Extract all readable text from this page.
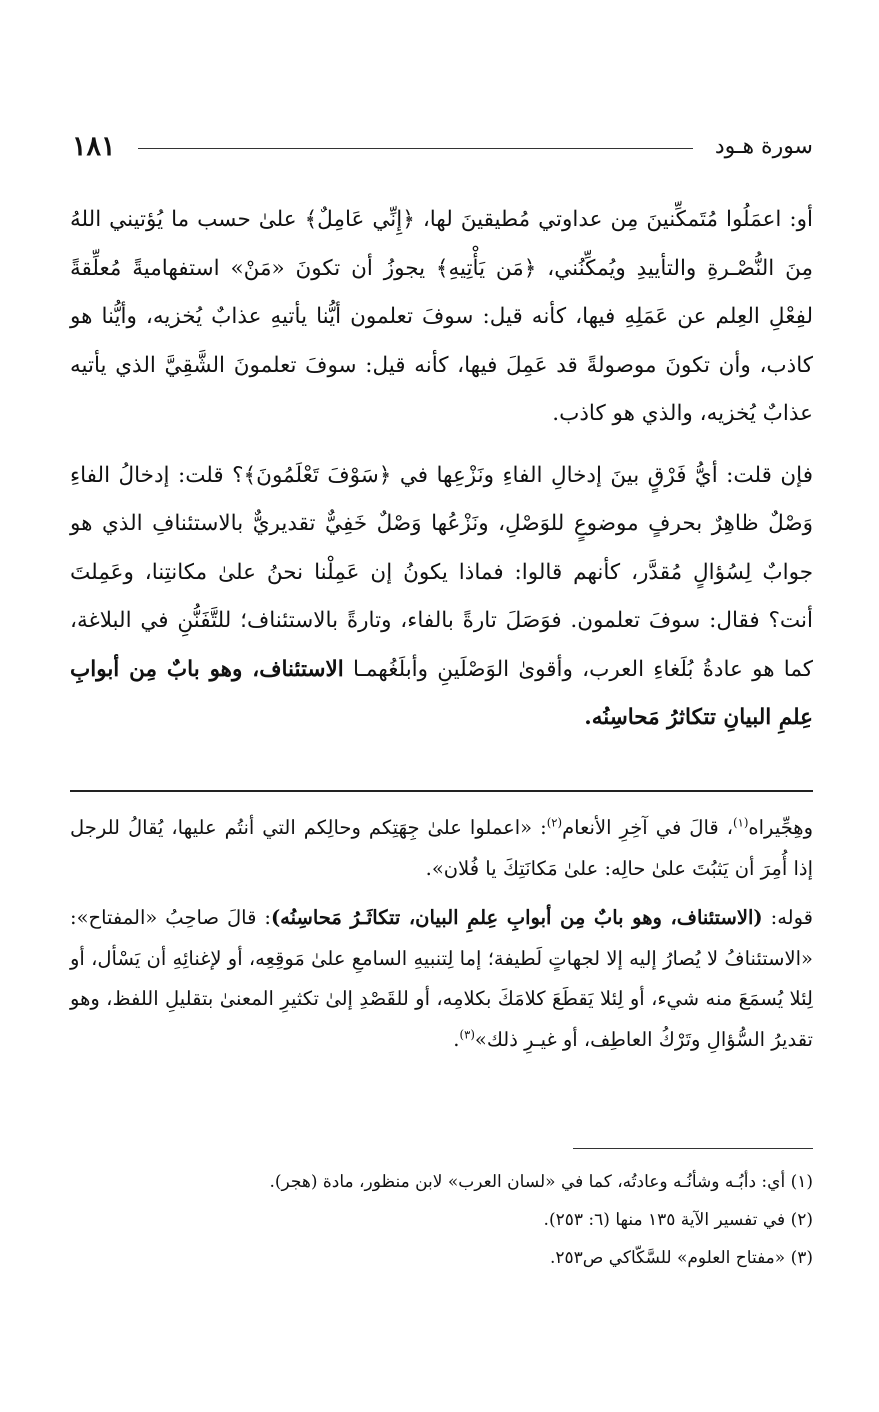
سورة هـود
١٨١

أو: اعمَلُوا مُتَمكِّنينَ مِن عداوتي مُطيقينَ لها، ﴿إِنِّي عَامِلٌ﴾ علىٰ حسب ما يُؤتيني اللهُ مِنَ النُّصْـرةِ والتأييدِ ويُمكِّنُني، ﴿مَن يَأْتِيهِ﴾ يجوزُ أن تكونَ «مَنْ» استفهاميةً مُعلِّقةً لفِعْلِ العِلم عن عَمَلِهِ فيها، كأنه قيل: سوفَ تعلمون أيُّنا يأتيهِ عذابٌ يُخزيه، وأيُّنا هو كاذب، وأن تكونَ موصولةً قد عَمِلَ فيها، كأنه قيل: سوفَ تعلمونَ الشَّقِيَّ الذي يأتيه عذابٌ يُخزيه، والذي هو كاذب.

فإن قلت: أيُّ فَرْقٍ بينَ إدخالِ الفاءِ ونَزْعِها في ﴿سَوْفَ تَعْلَمُونَ﴾؟ قلت: إدخالُ الفاءِ وَصْلٌ ظاهِرٌ بحرفٍ موضوعٍ للوَصْلِ، ونَزْعُها وَصْلٌ خَفِيٌّ تقديريٌّ بالاستئنافِ الذي هو جوابٌ لِسُؤالٍ مُقدَّر، كأنهم قالوا: فماذا يكونُ إن عَمِلْنا نحنُ علىٰ مكانتِنا، وعَمِلتَ أنت؟ فقال: سوفَ تعلمون. فوَصَلَ تارةً بالفاء، وتارةً بالاستئناف؛ للتَّفَنُّنِ في البلاغة، كما هو عادةُ بُلَغاءِ العرب، وأقوىٰ الوَصْلَينِ وأبلَغُهمـا الاستئناف، وهو بابٌ مِن أبوابِ عِلمِ البيانِ تتكاثرُ مَحاسِنُه.

وهِجِّيراه$^{(١)}$، قالَ في آخِرِ الأنعام$^{(٢)}$: «اعملوا علىٰ جِهَتِكم وحالِكم التي أنتُم عليها، يُقالُ للرجل إذا أُمِرَ أن يَثبُتَ علىٰ حالِه: علىٰ مَكانَتِكَ يا فُلان».

قوله: (الاستئناف، وهو بابٌ مِن أبوابِ عِلمِ البيان، تتكاثَـرُ مَحاسِنُه): قالَ صاحِبُ «المفتاح»: «الاستئنافُ لا يُصارُ إليه إلا لجهاتٍ لَطيفة؛ إما لِتنبيهِ السامعِ علىٰ مَوقِعِه، أو لإغنائِهِ أن يَسْأل، أو لِئلا يُسمَعَ منه شيء، أو لِئلا يَقطَعَ كلامَكَ بكلامِه، أو للقَصْدِ إلىٰ تكثيرِ المعنىٰ بتقليلِ اللفظ، وهو تقديرُ السُّؤالِ وتَرْكُ العاطِف، أو غيـرِ ذلك»$^{(٣)}$.

(١) أي: دأبُـه وشأنُـه وعادتُه، كما في «لسان العرب» لابن منظور، مادة (هجر).

(٢) في تفسير الآية ١٣٥ منها (٦: ٢٥٣).

(٣) «مفتاح العلوم» للسَّكّاكي ص٢٥٣.
